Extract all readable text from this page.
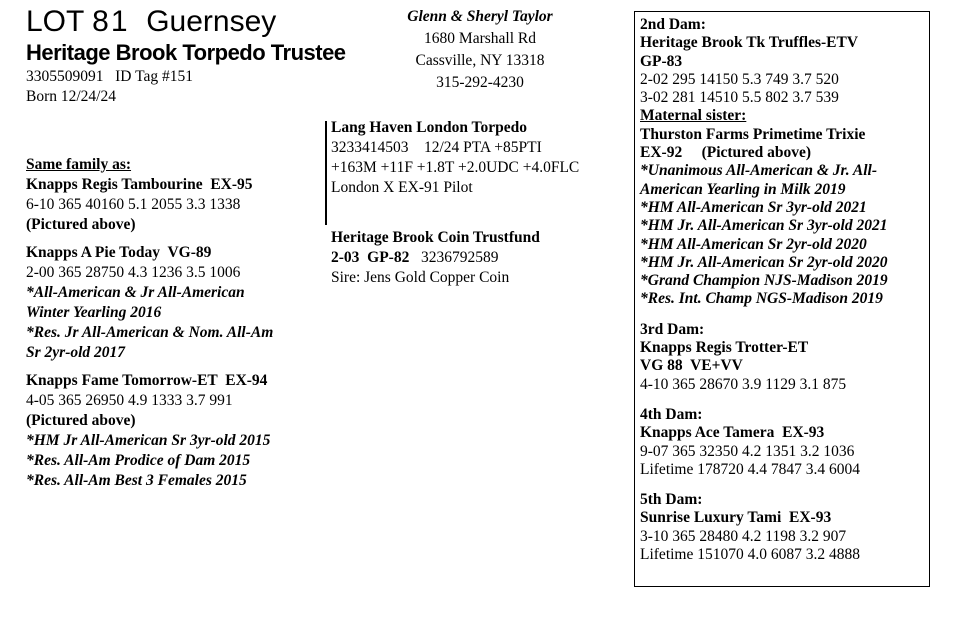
LOT 81 Guernsey
Heritage Brook Torpedo Trustee
3305509091 ID Tag #151
Born 12/24/24
Glenn & Sheryl Taylor
1680 Marshall Rd
Cassville, NY 13318
315-292-4230
Lang Haven London Torpedo
3233414503    12/24 PTA +85PTI
+163M +11F +1.8T +2.0UDC +4.0FLC
London X EX-91 Pilot
Heritage Brook Coin Trustfund
2-03  GP-82 3236792589
Sire: Jens Gold Copper Coin
Same family as:
Knapps Regis Tambourine  EX-95
6-10 365 40160 5.1 2055 3.3 1338
(Pictured above)
Knapps A Pie Today  VG-89
2-00 365 28750 4.3 1236 3.5 1006
*All-American & Jr All-American
Winter Yearling 2016
*Res. Jr All-American & Nom. All-Am
Sr 2yr-old 2017
Knapps Fame Tomorrow-ET  EX-94
4-05 365 26950 4.9 1333 3.7 991
(Pictured above)
*HM Jr All-American Sr 3yr-old 2015
*Res. All-Am Prodice of Dam 2015
*Res. All-Am Best 3 Females 2015
2nd Dam:
Heritage Brook Tk Truffles-ETV
GP-83
2-02 295 14150 5.3 749 3.7 520
3-02 281 14510 5.5 802 3.7 539
Maternal sister:
Thurston Farms Primetime Trixie
EX-92     (Pictured above)
*Unanimous All-American & Jr. All-
American Yearling in Milk 2019
*HM All-American Sr 3yr-old 2021
*HM Jr. All-American Sr 3yr-old 2021
*HM All-American Sr 2yr-old 2020
*HM Jr. All-American Sr 2yr-old 2020
*Grand Champion NJS-Madison 2019
*Res. Int. Champ NGS-Madison 2019
3rd Dam:
Knapps Regis Trotter-ET
VG 88  VE+VV
4-10 365 28670 3.9 1129 3.1 875
4th Dam:
Knapps Ace Tamera  EX-93
9-07 365 32350 4.2 1351 3.2 1036
Lifetime 178720 4.4 7847 3.4 6004
5th Dam:
Sunrise Luxury Tami  EX-93
3-10 365 28480 4.2 1198 3.2 907
Lifetime 151070 4.0 6087 3.2 4888
